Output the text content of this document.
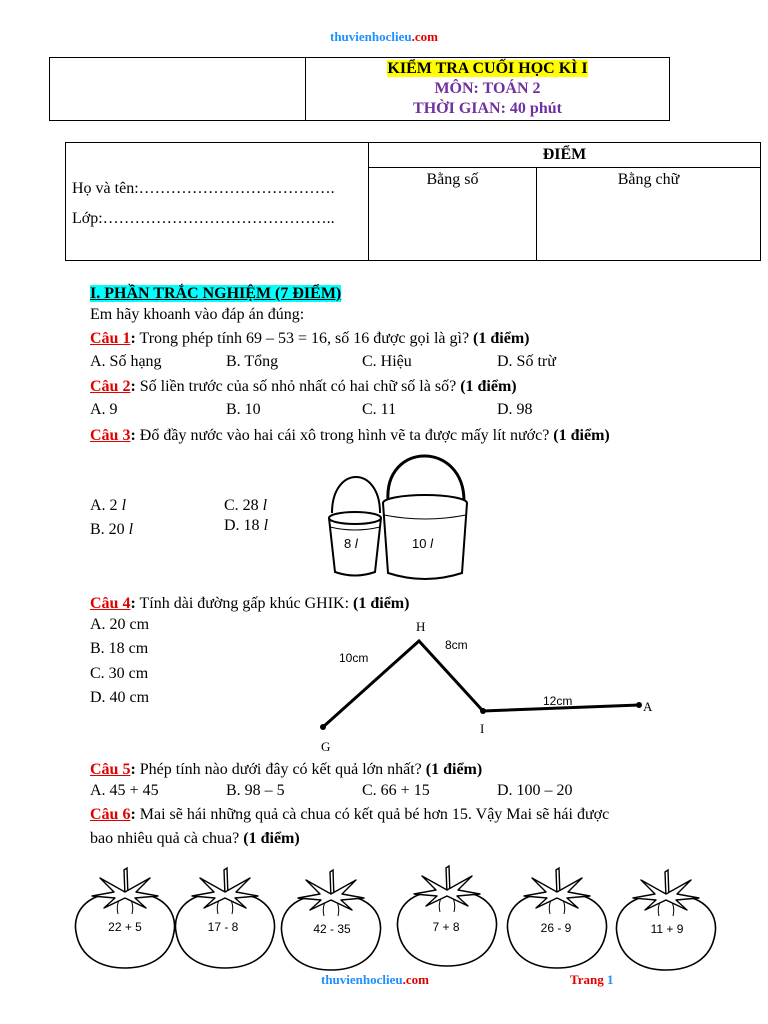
thuvienhoclieu.com

KIỂM TRA CUỐI HỌC KÌ I
MÔN: TOÁN 2
THỜI GIAN: 40 phút
Họ và tên:……………………………….
Lớp:……………………………………..	ĐIỂM	

	Bằng số	Bằng chữ
I. PHẦN TRẮC NGHIỆM (7 ĐIỂM)
Em hãy khoanh vào đáp án đúng:
Câu 1: Trong phép tính 69 – 53 = 16, số 16 được gọi là gì? (1 điểm)
A. Số hạng	B. Tổng	C. Hiệu	D. Số trừ
Câu 2: Số liền trước của số nhỏ nhất có hai chữ số là số? (1 điểm)
A. 9	B. 10	C. 11	D. 98
Câu 3: Đổ đầy nước vào hai cái xô trong hình vẽ ta được mấy lít nước? (1 điểm)
A. 2 l
B. 20 l
C. 28 l
D. 18 l
8 l	10 l
Câu 4: Tính dài đường gấp khúc GHIK: (1 điểm)
A. 20 cm
B. 18 cm
C. 30 cm
D. 40 cm
G
H
I
A
10cm
8cm
12cm
Câu 5: Phép tính nào dưới đây có kết quả lớn nhất? (1 điểm)
A. 45 + 45	B. 98 – 5	C. 66 + 15	D. 100 – 20
Câu 6: Mai sẽ hái những quả cà chua có kết quả bé hơn 15. Vậy Mai sẽ hái được
bao nhiêu quả cà chua? (1 điểm)
22 + 5	17 - 8	42 - 35	7 + 8	26 - 9	11 + 9
thuvienhoclieu.com	Trang 1
